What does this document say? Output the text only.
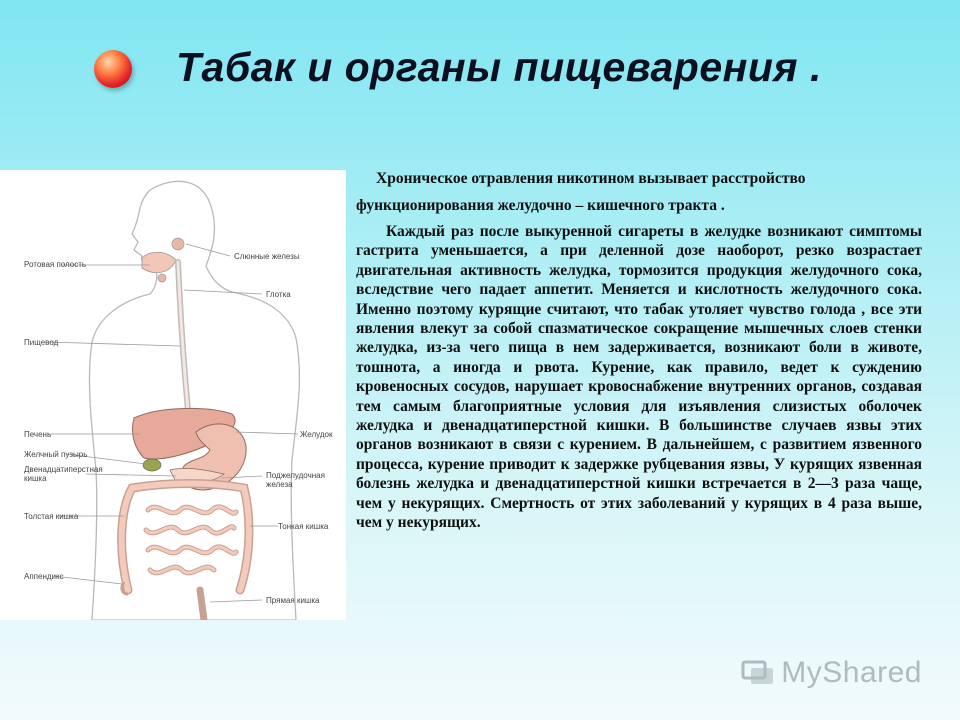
Табак и органы пищеварения .
Ротовая полость
Слюнные железы
Глотка
Пищевод
Печень	Желудок
Желчный пузырь
Двенадцатиперстная
кишка	Поджелудочная
железа
Толстая кишка
Тонкая кишка
Аппендикс
Прямая кишка

Хроническое отравления никотином вызывает расстройство функционирования желудочно – кишечного тракта .

Каждый раз после выкуренной сигареты в желудке возникают симптомы гастрита уменьшается, а при деленной дозе наоборот, резко возрастает двигательная активность желудка, тормозится продукция желудочного сока, вследствие чего падает аппетит. Меняется и кислотность желудочного сока. Именно поэтому курящие считают, что табак утоляет чувство голода , все эти явления влекут за собой спазматическое сокращение мышечных слоев стенки желудка, из-за чего пища в нем задерживается, возникают боли в животе, тошнота, а иногда и рвота. Курение, как правило, ведет к суждению кровеносных сосудов, нарушает кровоснабжение внутренних органов, создавая тем самым благоприятные условия для изъявления слизистых оболочек желудка и двенадцатиперстной кишки. В большинстве случаев язвы этих органов возникают в связи с курением. В дальнейшем, с развитием язвенного процесса, курение приводит к задержке рубцевания язвы, У курящих язвенная болезнь желудка и двенадцатиперстной кишки встречается в 2—3 раза чаще, чем у некурящих. Смертность от этих заболеваний у курящих в 4 раза выше, чем у некурящих.

MyShared
